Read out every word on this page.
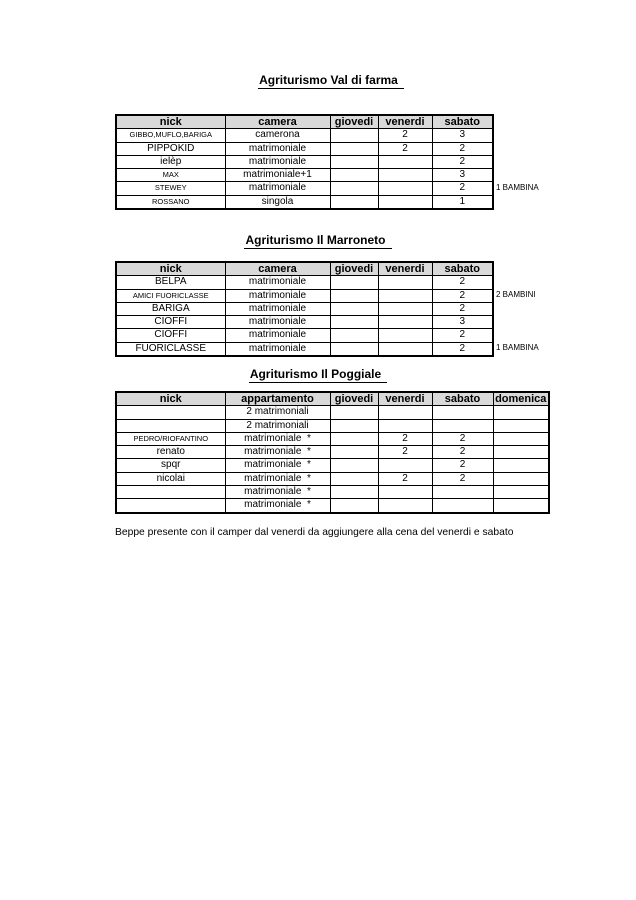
Agriturismo Val di farma
nick	camera	giovedi	venerdi	sabato
GIBBO,MUFLO,BARIGA	camerona		2	3
PIPPOKID	matrimoniale		2	2
ielèp	matrimoniale			2
MAX	matrimoniale+1			3
STEWEY	matrimoniale			2
ROSSANO	singola			1
1 BAMBINA
Agriturismo Il Marroneto
nick	camera	giovedi	venerdi	sabato
BELPA	matrimoniale			2
AMICI FUORICLASSE	matrimoniale			2
BARIGA	matrimoniale			2
CIOFFI	matrimoniale			3
CIOFFI	matrimoniale			2
FUORICLASSE	matrimoniale			2
2 BAMBINI
1 BAMBINA
Agriturismo Il Poggiale
nick	appartamento	giovedi	venerdi	sabato	domenica
	2 matrimoniali				
	2 matrimoniali				
PEDRO/RIOFANTINO	matrimoniale  *		2	2	
renato	matrimoniale  *		2	2	
spqr	matrimoniale  *			2	
nicolai	matrimoniale  *		2	2	
	matrimoniale  *				
	matrimoniale  *				
Beppe presente con il camper dal venerdi da aggiungere alla cena del venerdi e sabato
